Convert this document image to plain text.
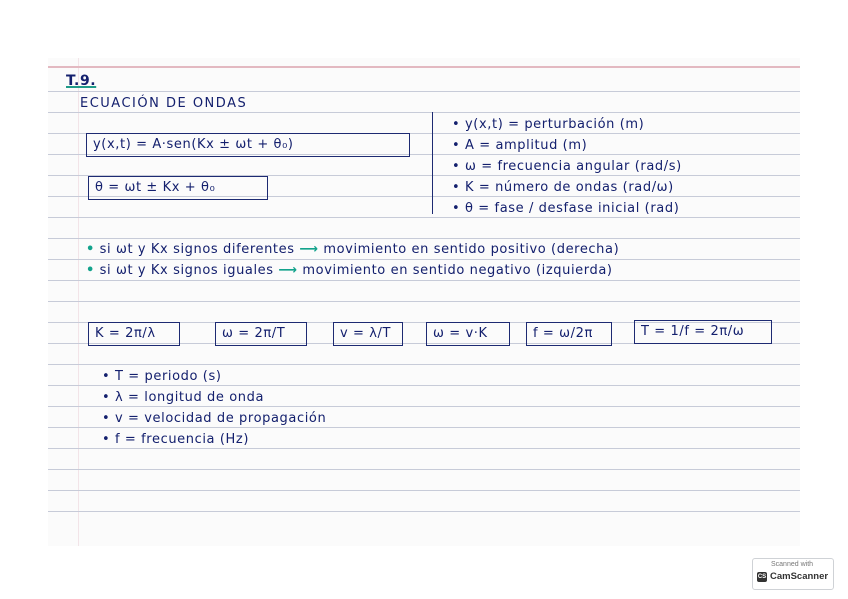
T.9.
ECUACIÓN DE ONDAS
y(x,t) = A·sen(Kx ± ωt + θ₀)
θ = ωt ± Kx + θ₀
• y(x,t) = perturbación (m)
• A = amplitud (m)
• ω = frecuencia angular (rad/s)
• K = número de ondas (rad/ω)
• θ = fase / desfase inicial (rad)
• si ωt y Kx signos diferentes ⟶ movimiento en sentido positivo (derecha)
• si ωt y Kx signos iguales ⟶ movimiento en sentido negativo (izquierda)
K = 2π/λ	ω = 2π/T	v = λ/T	ω = v·K	f = ω/2π	T = 1/f = 2π/ω
• T = periodo (s)
• λ = longitud de onda
• v = velocidad de propagación
• f = frecuencia (Hz)
Scanned with
CS CamScanner
